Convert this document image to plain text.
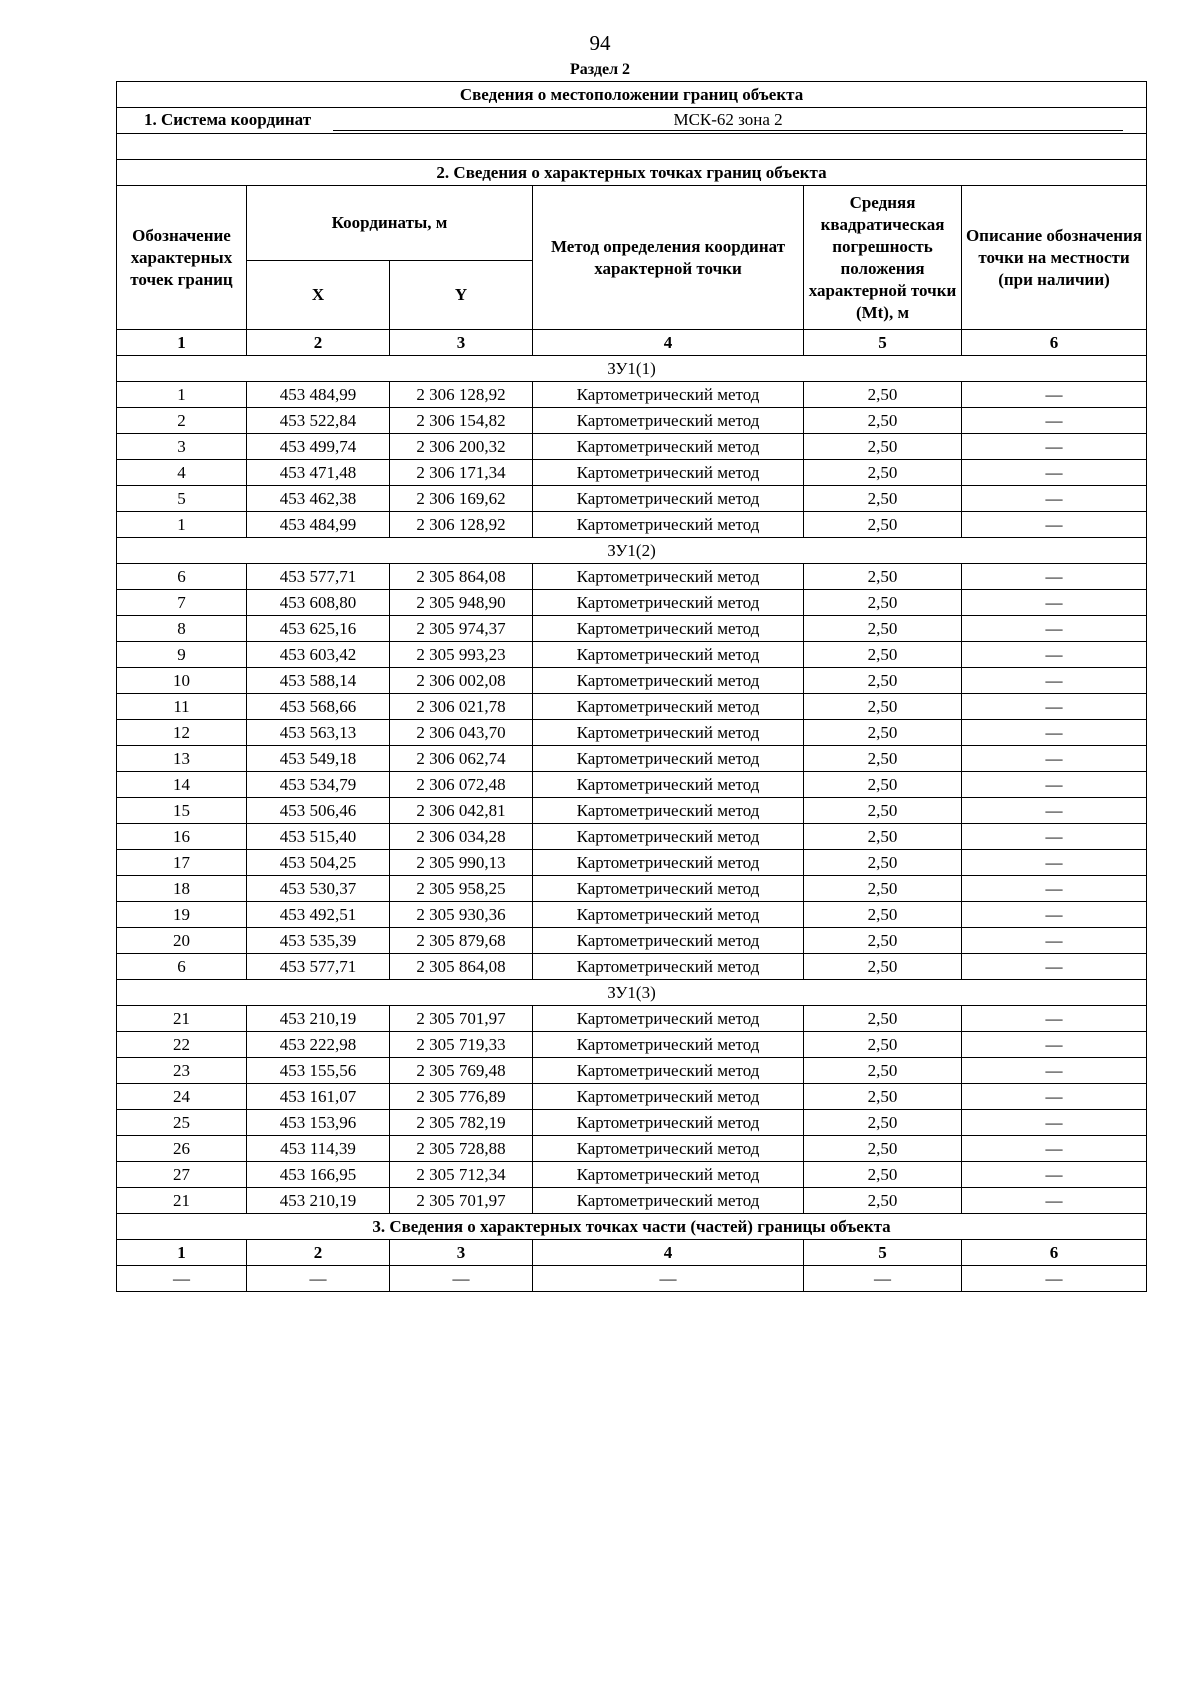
94
Раздел 2
Сведения о местоположении границ объекта					
1. Система координат МСК-62 зона 2					

2. Сведения о характерных точках границ объекта					
Обозначение характерных точек границ	Координаты, м		Метод определения координат характерной точки	Средняя квадратическая погрешность положения характерной точки (Mt), м	Описание обозначения точки на местности (при наличии)
	X	Y			
1	2	3	4	5	6
ЗУ1(1)					
1	453 484,99	2 306 128,92	Картометрический метод	2,50	—
2	453 522,84	2 306 154,82	Картометрический метод	2,50	—
3	453 499,74	2 306 200,32	Картометрический метод	2,50	—
4	453 471,48	2 306 171,34	Картометрический метод	2,50	—
5	453 462,38	2 306 169,62	Картометрический метод	2,50	—
1	453 484,99	2 306 128,92	Картометрический метод	2,50	—
ЗУ1(2)					
6	453 577,71	2 305 864,08	Картометрический метод	2,50	—
7	453 608,80	2 305 948,90	Картометрический метод	2,50	—
8	453 625,16	2 305 974,37	Картометрический метод	2,50	—
9	453 603,42	2 305 993,23	Картометрический метод	2,50	—
10	453 588,14	2 306 002,08	Картометрический метод	2,50	—
11	453 568,66	2 306 021,78	Картометрический метод	2,50	—
12	453 563,13	2 306 043,70	Картометрический метод	2,50	—
13	453 549,18	2 306 062,74	Картометрический метод	2,50	—
14	453 534,79	2 306 072,48	Картометрический метод	2,50	—
15	453 506,46	2 306 042,81	Картометрический метод	2,50	—
16	453 515,40	2 306 034,28	Картометрический метод	2,50	—
17	453 504,25	2 305 990,13	Картометрический метод	2,50	—
18	453 530,37	2 305 958,25	Картометрический метод	2,50	—
19	453 492,51	2 305 930,36	Картометрический метод	2,50	—
20	453 535,39	2 305 879,68	Картометрический метод	2,50	—
6	453 577,71	2 305 864,08	Картометрический метод	2,50	—
ЗУ1(3)					
21	453 210,19	2 305 701,97	Картометрический метод	2,50	—
22	453 222,98	2 305 719,33	Картометрический метод	2,50	—
23	453 155,56	2 305 769,48	Картометрический метод	2,50	—
24	453 161,07	2 305 776,89	Картометрический метод	2,50	—
25	453 153,96	2 305 782,19	Картометрический метод	2,50	—
26	453 114,39	2 305 728,88	Картометрический метод	2,50	—
27	453 166,95	2 305 712,34	Картометрический метод	2,50	—
21	453 210,19	2 305 701,97	Картометрический метод	2,50	—
3. Сведения о характерных точках части (частей) границы объекта					
1	2	3	4	5	6
—	—	—	—	—	—
